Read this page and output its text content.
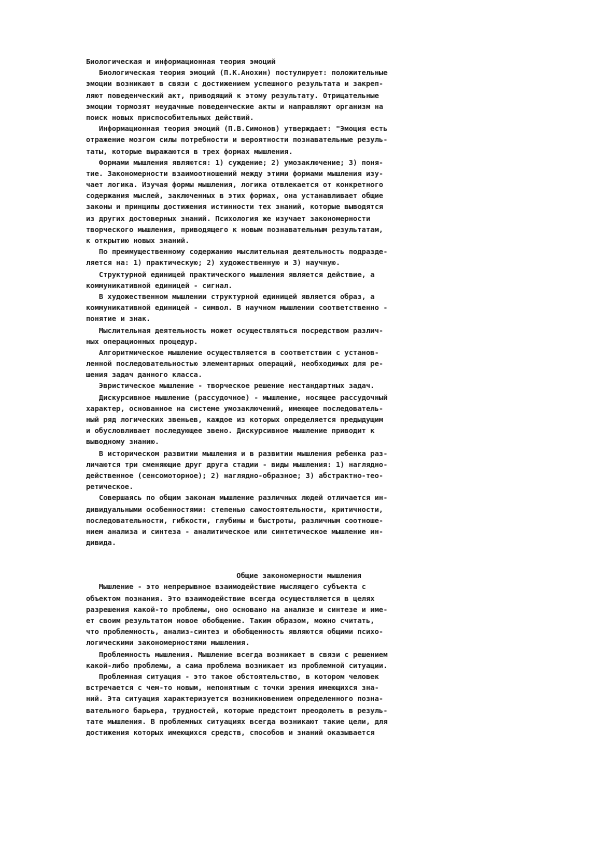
Биологическая и информационная теория эмоций
Биологическая теория эмоций (П.К.Анохин) постулирует: положительные
эмоции возникают в связи с достижением успешного результата и закреп-
ляют поведенческий акт, приводящий к этому результату. Отрицательные
эмоции тормозят неудачные поведенческие акты и направляют организм на
поиск новых приспособительных действий.
Информационная теория эмоций (П.В.Симонов) утверждает: "Эмоция есть
отражение мозгом силы потребности и вероятности познавательные резуль-
таты, которые выражаются в трех формах мышления.
Формами мышления являются: 1) суждение; 2) умозаключение; 3) поня-
тие. Закономерности взаимоотношений между этими формами мышления изу-
чает логика. Изучая формы мышления, логика отвлекается от конкретного
содержания мыслей, заключенных в этих формах, она устанавливает общие
законы и принципы достижения истинности тех знаний, которые выводятся
из других достоверных знаний. Психология же изучает закономерности
творческого мышления, приводящего к новым познавательным результатам,
к открытию новых знаний.
По преимущественному содержанию мыслительная деятельность подразде-
ляется на: 1) практическую; 2) художественную и 3) научную.
Структурной единицей практического мышления является действие, а
коммуникативной единицей - сигнал.
В художественном мышлении структурной единицей является образ, а
коммуникативной единицей - символ. В научном мышлении соответственно -
понятие и знак.
Мыслительная деятельность может осуществляться посредством различ-
ных операционных процедур.
Алгоритмическое мышление осуществляется в соответствии с установ-
ленной последовательностью элементарных операций, необходимых для ре-
шения задач данного класса.
Эвристическое мышление - творческое решение нестандартных задач.
Дискурсивное мышление (рассудочное) - мышление, носящее рассудочный
характер, основанное на системе умозаключений, имеющее последователь-
ный ряд логических звеньев, каждое из которых определяется предыдущим
и обусловливает последующее звено. Дискурсивное мышление приводит к
выводному знанию.
В историческом развитии мышления и в развитии мышления ребенка раз-
личаются три сменяющие друг друга стадии - виды мышления: 1) наглядно-
действенное (сенсомоторное); 2) наглядно-образное; 3) абстрактно-тео-
ретическое.
Совершаясь по общим законам мышление различных людей отличается ин-
дивидуальными особенностями: степенью самостоятельности, критичности,
последовательности, гибкости, глубины и быстроты, различным соотноше-
нием анализа и синтеза - аналитическое или синтетическое мышление ин-
дивида.
Общие закономерности мышления
Мышление - это непрерывное взаимодействие мыслящего субъекта с
объектом познания. Это взаимодействие всегда осуществляется в целях
разрешения какой-то проблемы, оно основано на анализе и синтезе и име-
ет своим результатом новое обобщение. Таким образом, можно считать,
что проблемность, анализ-синтез и обобщенность являются общими психо-
логическими закономерностями мышления.
Проблемность мышления. Мышление всегда возникает в связи с решением
какой-либо проблемы, а сама проблема возникает из проблемной ситуации.
Проблемная ситуация - это такое обстоятельство, в котором человек
встречается с чем-то новым, непонятным с точки зрения имеющихся зна-
ний. Эта ситуация характеризуется возникновением определенного познa-
вательного барьера, трудностей, которые предстоит преодолеть в резуль-
тате мышления. В проблемных ситуациях всегда возникают такие цели, для
достижения которых имеющихся средств, способов и знаний оказывается
